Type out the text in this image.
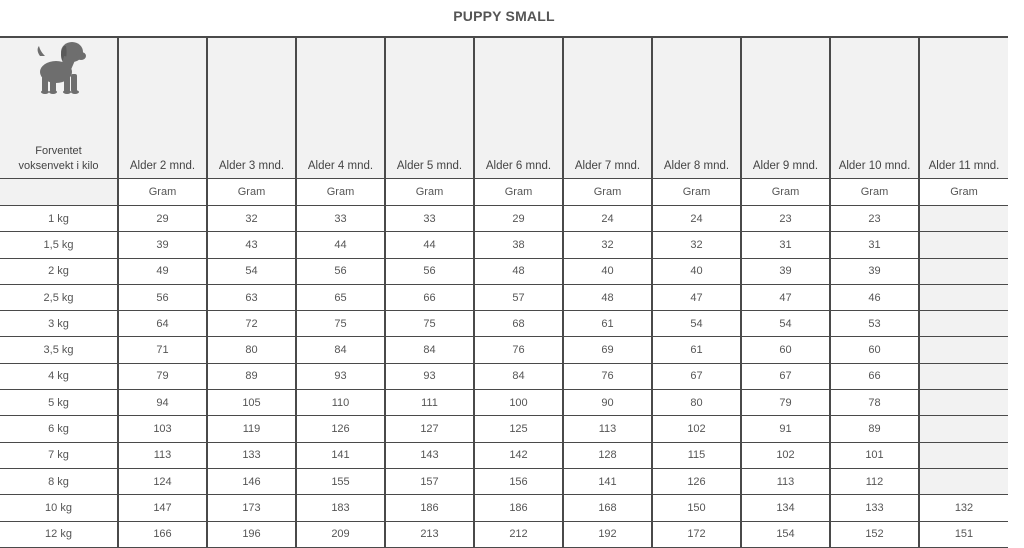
PUPPY SMALL
Forventet
voksenvekt i kilo	Alder 2 mnd.	Alder 3 mnd.	Alder 4 mnd.	Alder 5 mnd.	Alder 6 mnd.	Alder 7 mnd.	Alder 8 mnd.	Alder 9 mnd.	Alder 10 mnd.	Alder 11 mnd.
	Gram	Gram	Gram	Gram	Gram	Gram	Gram	Gram	Gram	Gram
1 kg	29	32	33	33	29	24	24	23	23	
1,5 kg	39	43	44	44	38	32	32	31	31	
2 kg	49	54	56	56	48	40	40	39	39	
2,5 kg	56	63	65	66	57	48	47	47	46	
3 kg	64	72	75	75	68	61	54	54	53	
3,5 kg	71	80	84	84	76	69	61	60	60	
4 kg	79	89	93	93	84	76	67	67	66	
5 kg	94	105	110	111	100	90	80	79	78	
6 kg	103	119	126	127	125	113	102	91	89	
7 kg	113	133	141	143	142	128	115	102	101	
8 kg	124	146	155	157	156	141	126	113	112	
10 kg	147	173	183	186	186	168	150	134	133	132
12 kg	166	196	209	213	212	192	172	154	152	151
